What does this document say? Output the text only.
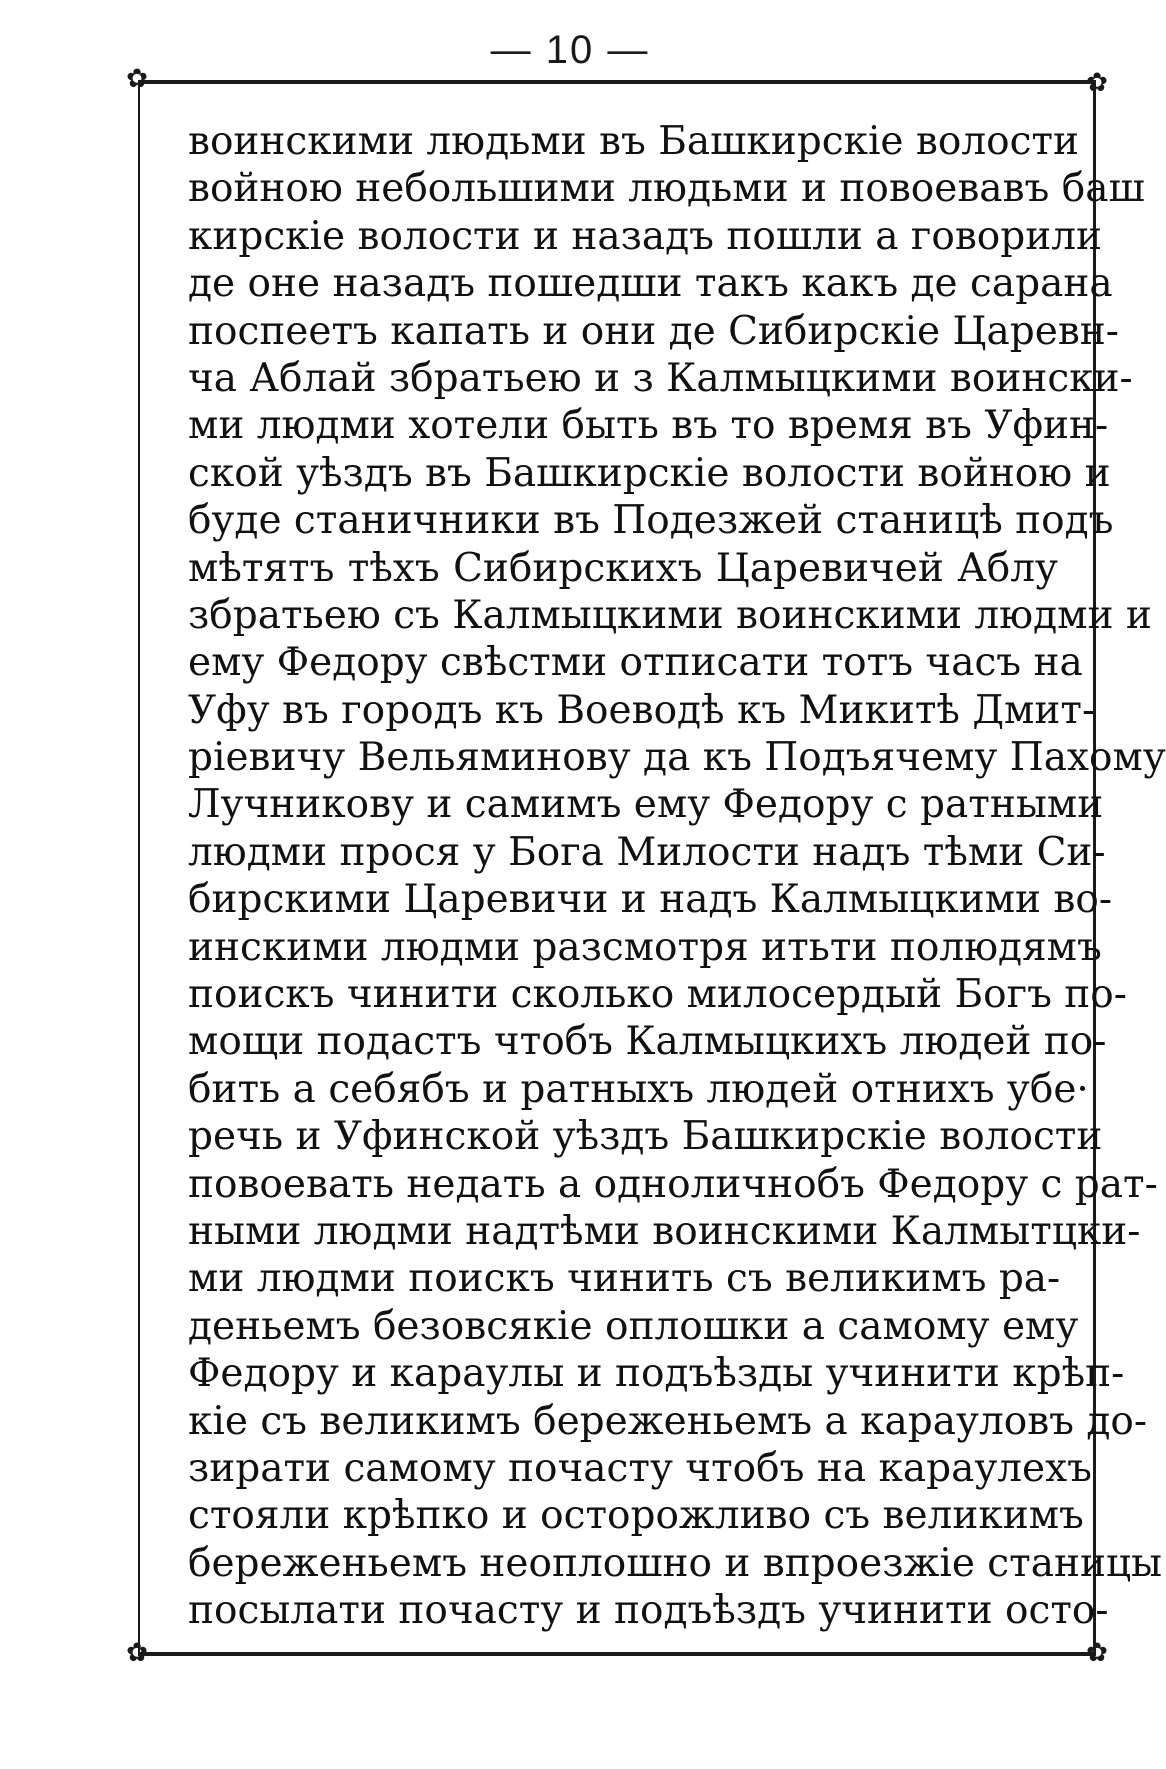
— 10 —
✿	✿
✿	✿
воинскими людьми въ Башкирскіе волости
войною небольшими людьми и повоевавъ баш
кирскіе волости и назадъ пошли а говорили
де оне назадъ пошедши такъ какъ де сарана
поспеетъ капать и они де Сибирскіе Царевн-
ча Аблай збратьею и з Калмыцкими воински-
ми людми хотели быть въ то время въ Уфин-
ской уѣздъ въ Башкирскіе волости войною и
буде станичники въ Подезжей станицѣ подъ
мѣтятъ тѣхъ Сибирскихъ Царевичей Аблу
збратьею съ Калмыцкими воинскими людми и
ему Федору свѣстми отписати тотъ часъ на
Уфу въ городъ къ Воеводѣ къ Микитѣ Дмит-
ріевичу Вельяминову да къ Подъячему Пахому
Лучникову и самимъ ему Федору с ратными
людми прося у Бога Милости надъ тѣми Си-
бирскими Царевичи и надъ Калмыцкими во-
инскими людми разсмотря итьти полюдямъ
поискъ чинити сколько милосердый Богъ по-
мощи подастъ чтобъ Калмыцкихъ людей по-
бить а себябъ и ратныхъ людей отнихъ убе·
речь и Уфинской уѣздъ Башкирскіе волости
повоевать недать а одноличнобъ Федору с рат-
ными людми надтѣми воинскими Калмытцки-
ми людми поискъ чинить съ великимъ ра-
деньемъ безовсякіе оплошки а самому ему
Федору и караулы и подъѣзды учинити крѣп-
кіе съ великимъ береженьемъ а карауловъ до-
зирати самому почасту чтобъ на караулехъ
стояли крѣпко и осторожливо съ великимъ
береженьемъ неоплошно и впроезжіе станицы
посылати почасту и подъѣздъ учинити осто-
